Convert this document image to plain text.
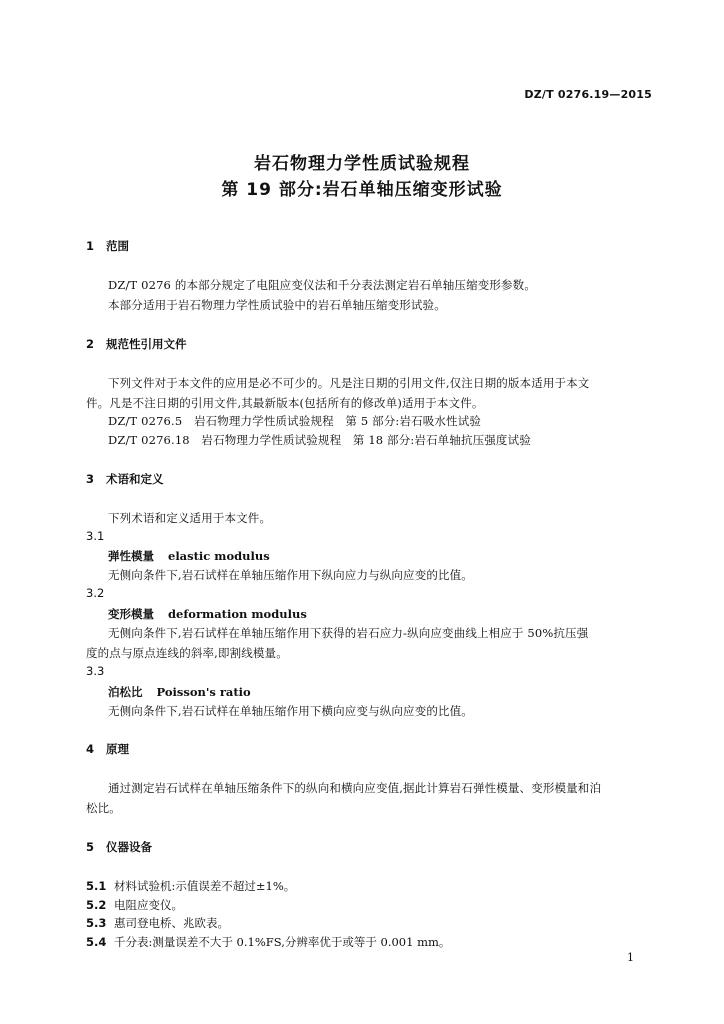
DZ/T 0276.19—2015
岩石物理力学性质试验规程
第 19 部分:岩石单轴压缩变形试验
1 范围
DZ/T 0276 的本部分规定了电阻应变仪法和千分表法测定岩石单轴压缩变形参数。
本部分适用于岩石物理力学性质试验中的岩石单轴压缩变形试验。
2 规范性引用文件
下列文件对于本文件的应用是必不可少的。凡是注日期的引用文件,仅注日期的版本适用于本文
件。凡是不注日期的引用文件,其最新版本(包括所有的修改单)适用于本文件。
DZ/T 0276.5　岩石物理力学性质试验规程　第 5 部分:岩石吸水性试验
DZ/T 0276.18　岩石物理力学性质试验规程　第 18 部分:岩石单轴抗压强度试验
3 术语和定义
下列术语和定义适用于本文件。
3.1
弹性模量 elastic modulus
无侧向条件下,岩石试样在单轴压缩作用下纵向应力与纵向应变的比值。
3.2
变形模量 deformation modulus
无侧向条件下,岩石试样在单轴压缩作用下获得的岩石应力-纵向应变曲线上相应于 50%抗压强
度的点与原点连线的斜率,即割线模量。
3.3
泊松比 Poisson's ratio
无侧向条件下,岩石试样在单轴压缩作用下横向应变与纵向应变的比值。
4 原理
通过测定岩石试样在单轴压缩条件下的纵向和横向应变值,据此计算岩石弹性模量、变形模量和泊
松比。
5 仪器设备
5.1 材料试验机:示值误差不超过±1%。
5.2 电阻应变仪。
5.3 惠司登电桥、兆欧表。
5.4 千分表:测量误差不大于 0.1%FS,分辨率优于或等于 0.001 mm。
1
